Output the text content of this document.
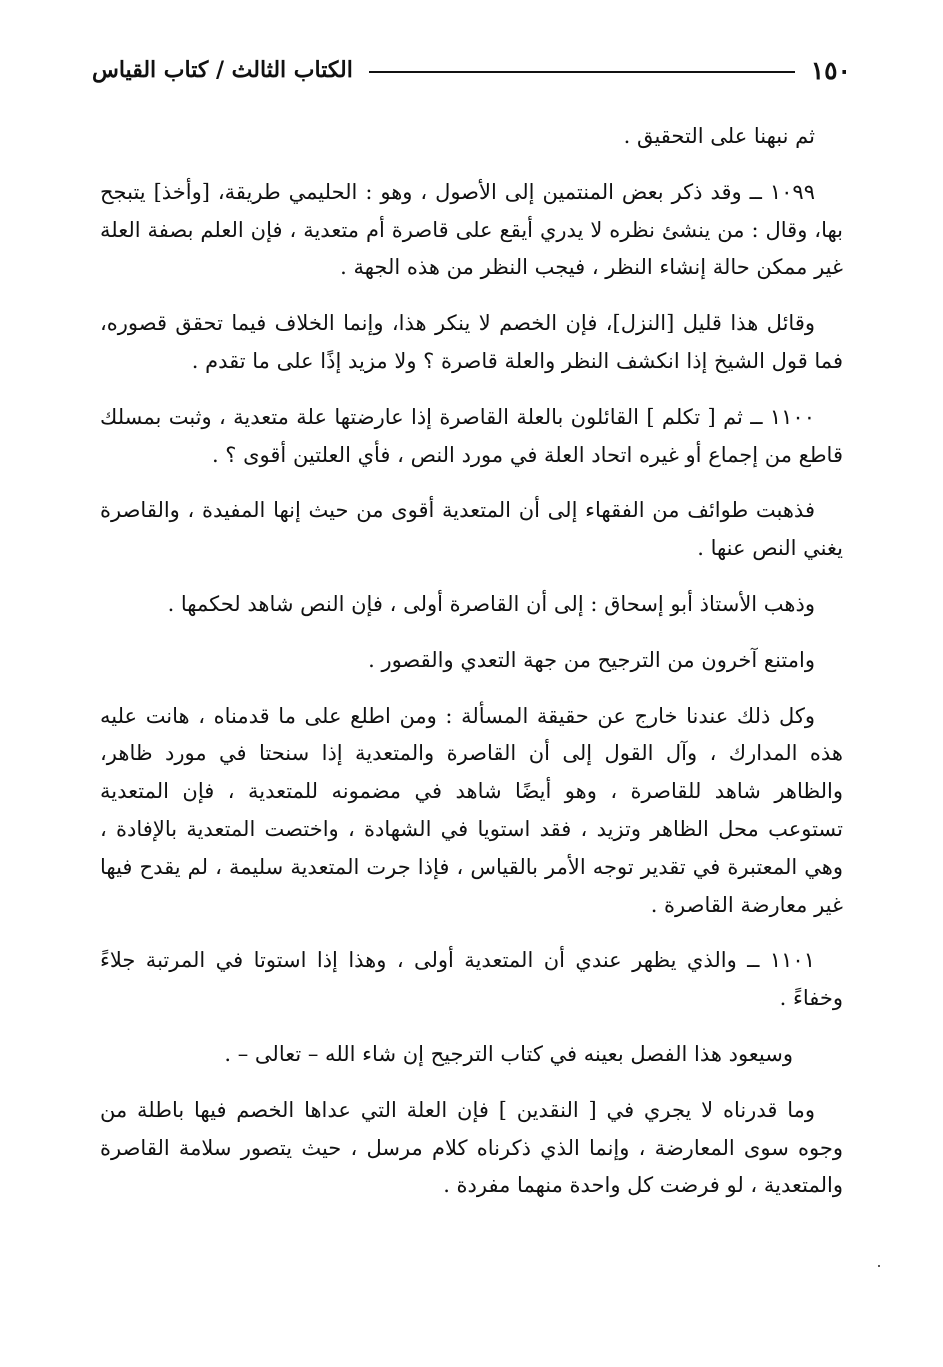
١٥٠
الكتاب الثالث / كتاب القياس

ثم نبهنا على التحقيق .

١٠٩٩ ــ وقد ذكر بعض المنتمين إلى الأصول ، وهو : الحليمي طريقة، [وأخذ] يتبجح بها، وقال : من ينشئ نظره لا يدري أيقع على قاصرة أم متعدية ، فإن العلم بصفة العلة غير ممكن حالة إنشاء النظر ، فيجب النظر من هذه الجهة .

وقائل هذا قليل [النزل]، فإن الخصم لا ينكر هذا، وإنما الخلاف فيما تحقق قصوره، فما قول الشيخ إذا انكشف النظر والعلة قاصرة ؟ ولا مزيد إذًا على ما تقدم .

١١٠٠ ــ ثم [ تكلم ] القائلون بالعلة القاصرة إذا عارضتها علة متعدية ، وثبت بمسلك قاطع من إجماع أو غيره اتحاد العلة في مورد النص ، فأي العلتين أقوى ؟ .

فذهبت طوائف من الفقهاء إلى أن المتعدية أقوى من حيث إنها المفيدة ، والقاصرة يغني النص عنها .

وذهب الأستاذ أبو إسحاق : إلى أن القاصرة أولى ، فإن النص شاهد لحكمها .

وامتنع آخرون من الترجيح من جهة التعدي والقصور .

وكل ذلك عندنا خارج عن حقيقة المسألة : ومن اطلع على ما قدمناه ، هانت عليه هذه المدارك ، وآل القول إلى أن القاصرة والمتعدية إذا سنحتا في مورد ظاهر، والظاهر شاهد للقاصرة ، وهو أيضًا شاهد في مضمونه للمتعدية ، فإن المتعدية تستوعب محل الظاهر وتزيد ، فقد استويا في الشهادة ، واختصت المتعدية بالإفادة ، وهي المعتبرة في تقدير توجه الأمر بالقياس ، فإذا جرت المتعدية سليمة ، لم يقدح فيها غير معارضة القاصرة .

١١٠١ ــ والذي يظهر عندي أن المتعدية أولى ، وهذا إذا استوتا في المرتبة جلاءً وخفاءً .

وسيعود هذا الفصل بعينه في كتاب الترجيح إن شاء الله – تعالى – .

وما قدرناه لا يجري في [ النقدين ] فإن العلة التي عداها الخصم فيها باطلة من وجوه سوى المعارضة ، وإنما الذي ذكرناه كلام مرسل ، حيث يتصور سلامة القاصرة والمتعدية ، لو فرضت كل واحدة منهما مفردة .
